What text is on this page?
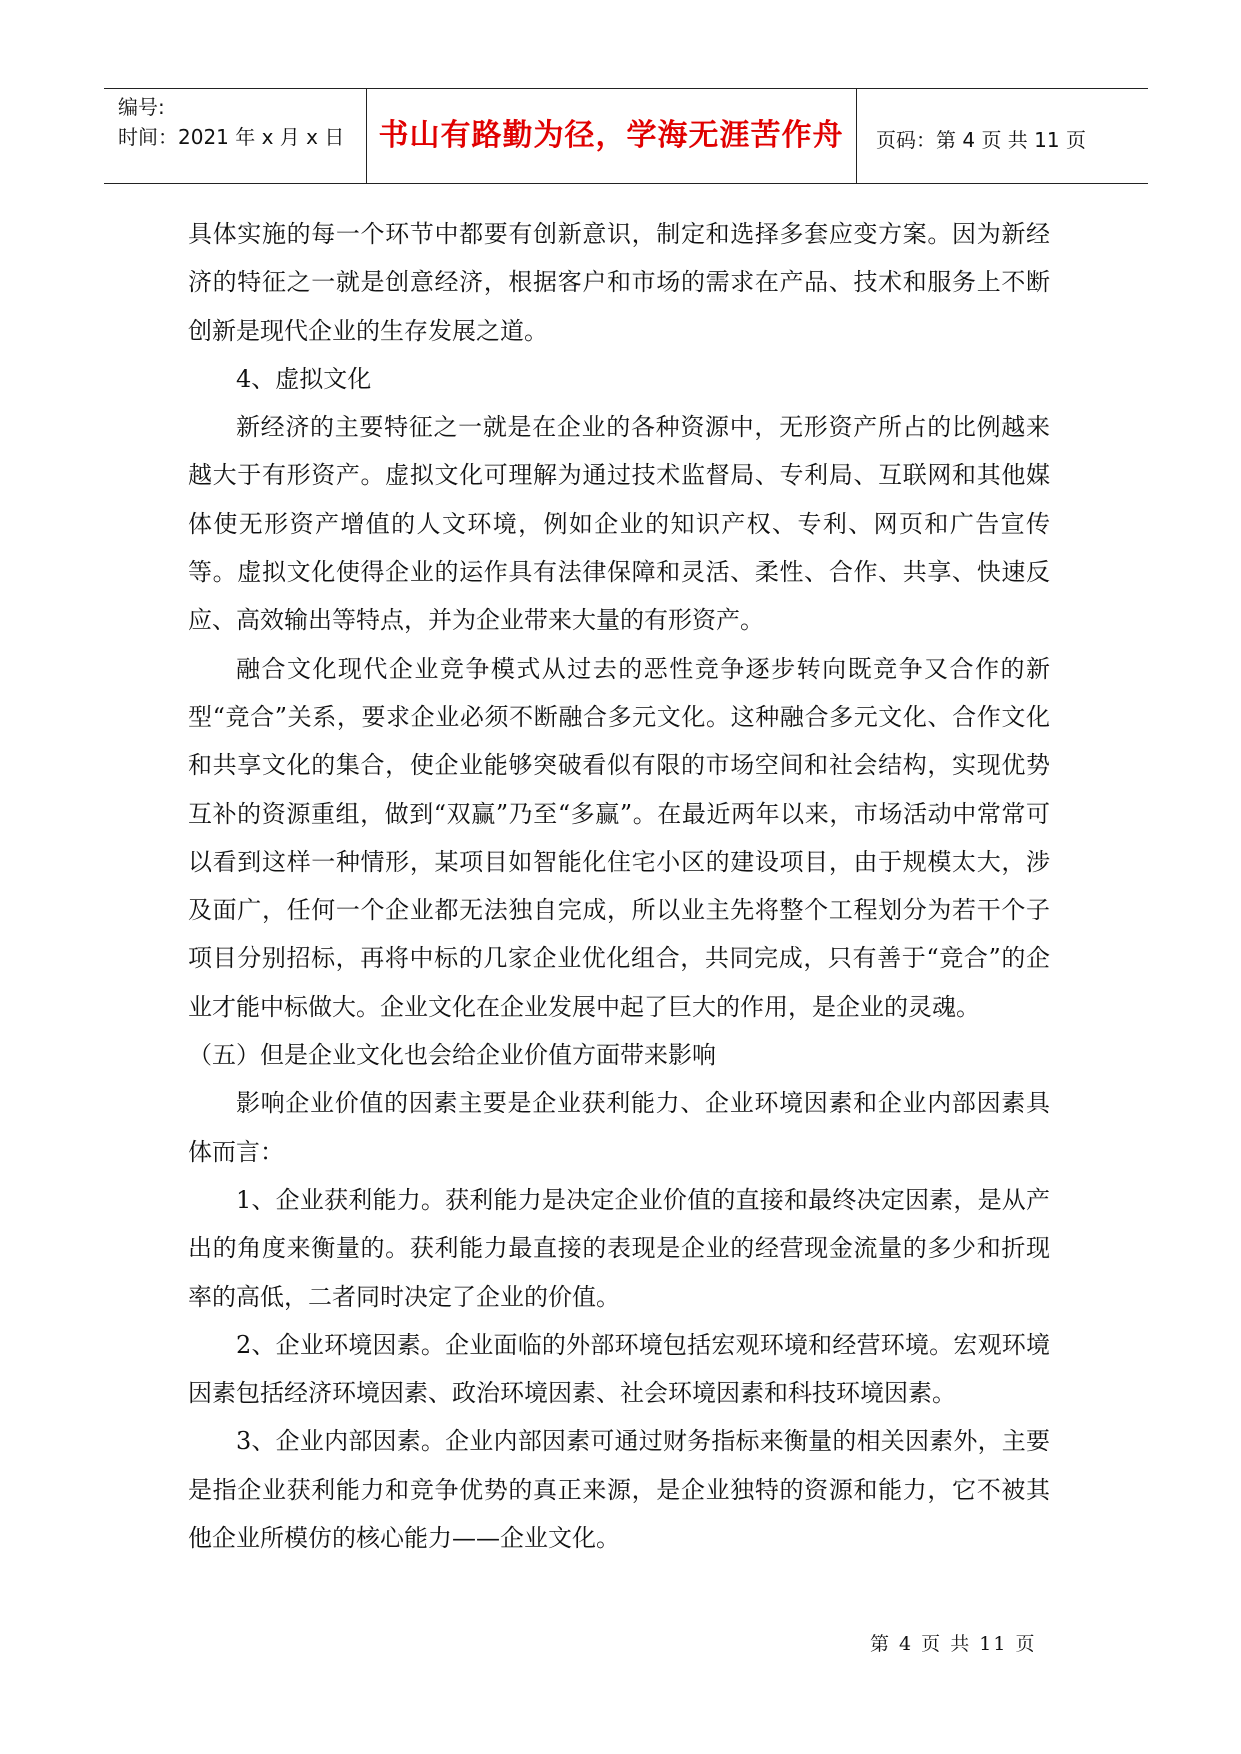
编号:
时间：2021 年 x 月 x 日	书山有路勤为径，学海无涯苦作舟	页码：第 4 页 共 11 页

具体实施的每一个环节中都要有创新意识，制定和选择多套应变方案。因为新经济的特征之一就是创意经济，根据客户和市场的需求在产品、技术和服务上不断创新是现代企业的生存发展之道。

4、虚拟文化

新经济的主要特征之一就是在企业的各种资源中，无形资产所占的比例越来越大于有形资产。虚拟文化可理解为通过技术监督局、专利局、互联网和其他媒体使无形资产增值的人文环境，例如企业的知识产权、专利、网页和广告宣传等。虚拟文化使得企业的运作具有法律保障和灵活、柔性、合作、共享、快速反应、高效输出等特点，并为企业带来大量的有形资产。

融合文化现代企业竞争模式从过去的恶性竞争逐步转向既竞争又合作的新型“竞合”关系，要求企业必须不断融合多元文化。这种融合多元文化、合作文化和共享文化的集合，使企业能够突破看似有限的市场空间和社会结构，实现优势互补的资源重组，做到“双赢”乃至“多赢”。在最近两年以来，市场活动中常常可以看到这样一种情形，某项目如智能化住宅小区的建设项目，由于规模太大，涉及面广，任何一个企业都无法独自完成，所以业主先将整个工程划分为若干个子项目分别招标，再将中标的几家企业优化组合，共同完成，只有善于“竞合”的企业才能中标做大。企业文化在企业发展中起了巨大的作用，是企业的灵魂。

（五）但是企业文化也会给企业价值方面带来影响

影响企业价值的因素主要是企业获利能力、企业环境因素和企业内部因素具体而言：

1、企业获利能力。获利能力是决定企业价值的直接和最终决定因素，是从产出的角度来衡量的。获利能力最直接的表现是企业的经营现金流量的多少和折现率的高低，二者同时决定了企业的价值。

2、企业环境因素。企业面临的外部环境包括宏观环境和经营环境。宏观环境因素包括经济环境因素、政治环境因素、社会环境因素和科技环境因素。

3、企业内部因素。企业内部因素可通过财务指标来衡量的相关因素外，主要是指企业获利能力和竞争优势的真正来源，是企业独特的资源和能力，它不被其他企业所模仿的核心能力——企业文化。

第 4 页 共 11 页
